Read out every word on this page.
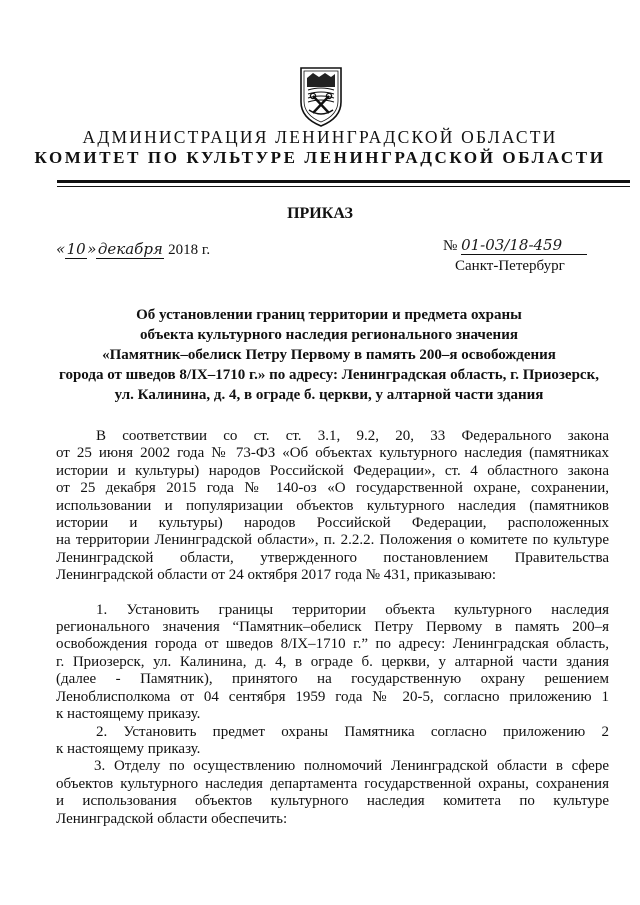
АДМИНИСТРАЦИЯ ЛЕНИНГРАДСКОЙ ОБЛАСТИ
КОМИТЕТ ПО КУЛЬТУРЕ ЛЕНИНГРАДСКОЙ ОБЛАСТИ
ПРИКАЗ
«10» декабря 2018 г.	№ 01-03/18-459
Санкт-Петербург
Об установлении границ территории и предмета охраны
объекта культурного наследия регионального значения
«Памятник–обелиск Петру Первому в память 200–я освобождения
города от шведов 8/IX–1710 г.» по адресу: Ленинградская область, г. Приозерск,
ул. Калинина, д. 4, в ограде б. церкви, у алтарной части здания
В соответствии со ст. ст. 3.1, 9.2, 20, 33 Федерального закона
от 25 июня 2002 года № 73-ФЗ «Об объектах культурного наследия (памятниках
истории и культуры) народов Российской Федерации», ст. 4 областного закона
от 25 декабря 2015 года № 140-оз «О государственной охране, сохранении,
использовании и популяризации объектов культурного наследия (памятников
истории и культуры) народов Российской Федерации, расположенных
на территории Ленинградской области», п. 2.2.2. Положения о комитете по культуре
Ленинградской области, утвержденного постановлением Правительства
Ленинградской области от 24 октября 2017 года № 431, приказываю:
1. Установить границы территории объекта культурного наследия
регионального значения “Памятник–обелиск Петру Первому в память 200–я
освобождения города от шведов 8/IX–1710 г.” по адресу: Ленинградская область,
г. Приозерск, ул. Калинина, д. 4, в ограде б. церкви, у алтарной части здания
(далее - Памятник), принятого на государственную охрану решением
Леноблисполкома от 04 сентября 1959 года № 20-5, согласно приложению 1
к настоящему приказу.
2. Установить предмет охраны Памятника согласно приложению 2
к настоящему приказу.
3. Отделу по осуществлению полномочий Ленинградской области в сфере
объектов культурного наследия департамента государственной охраны, сохранения
и использования объектов культурного наследия комитета по культуре
Ленинградской области обеспечить:
